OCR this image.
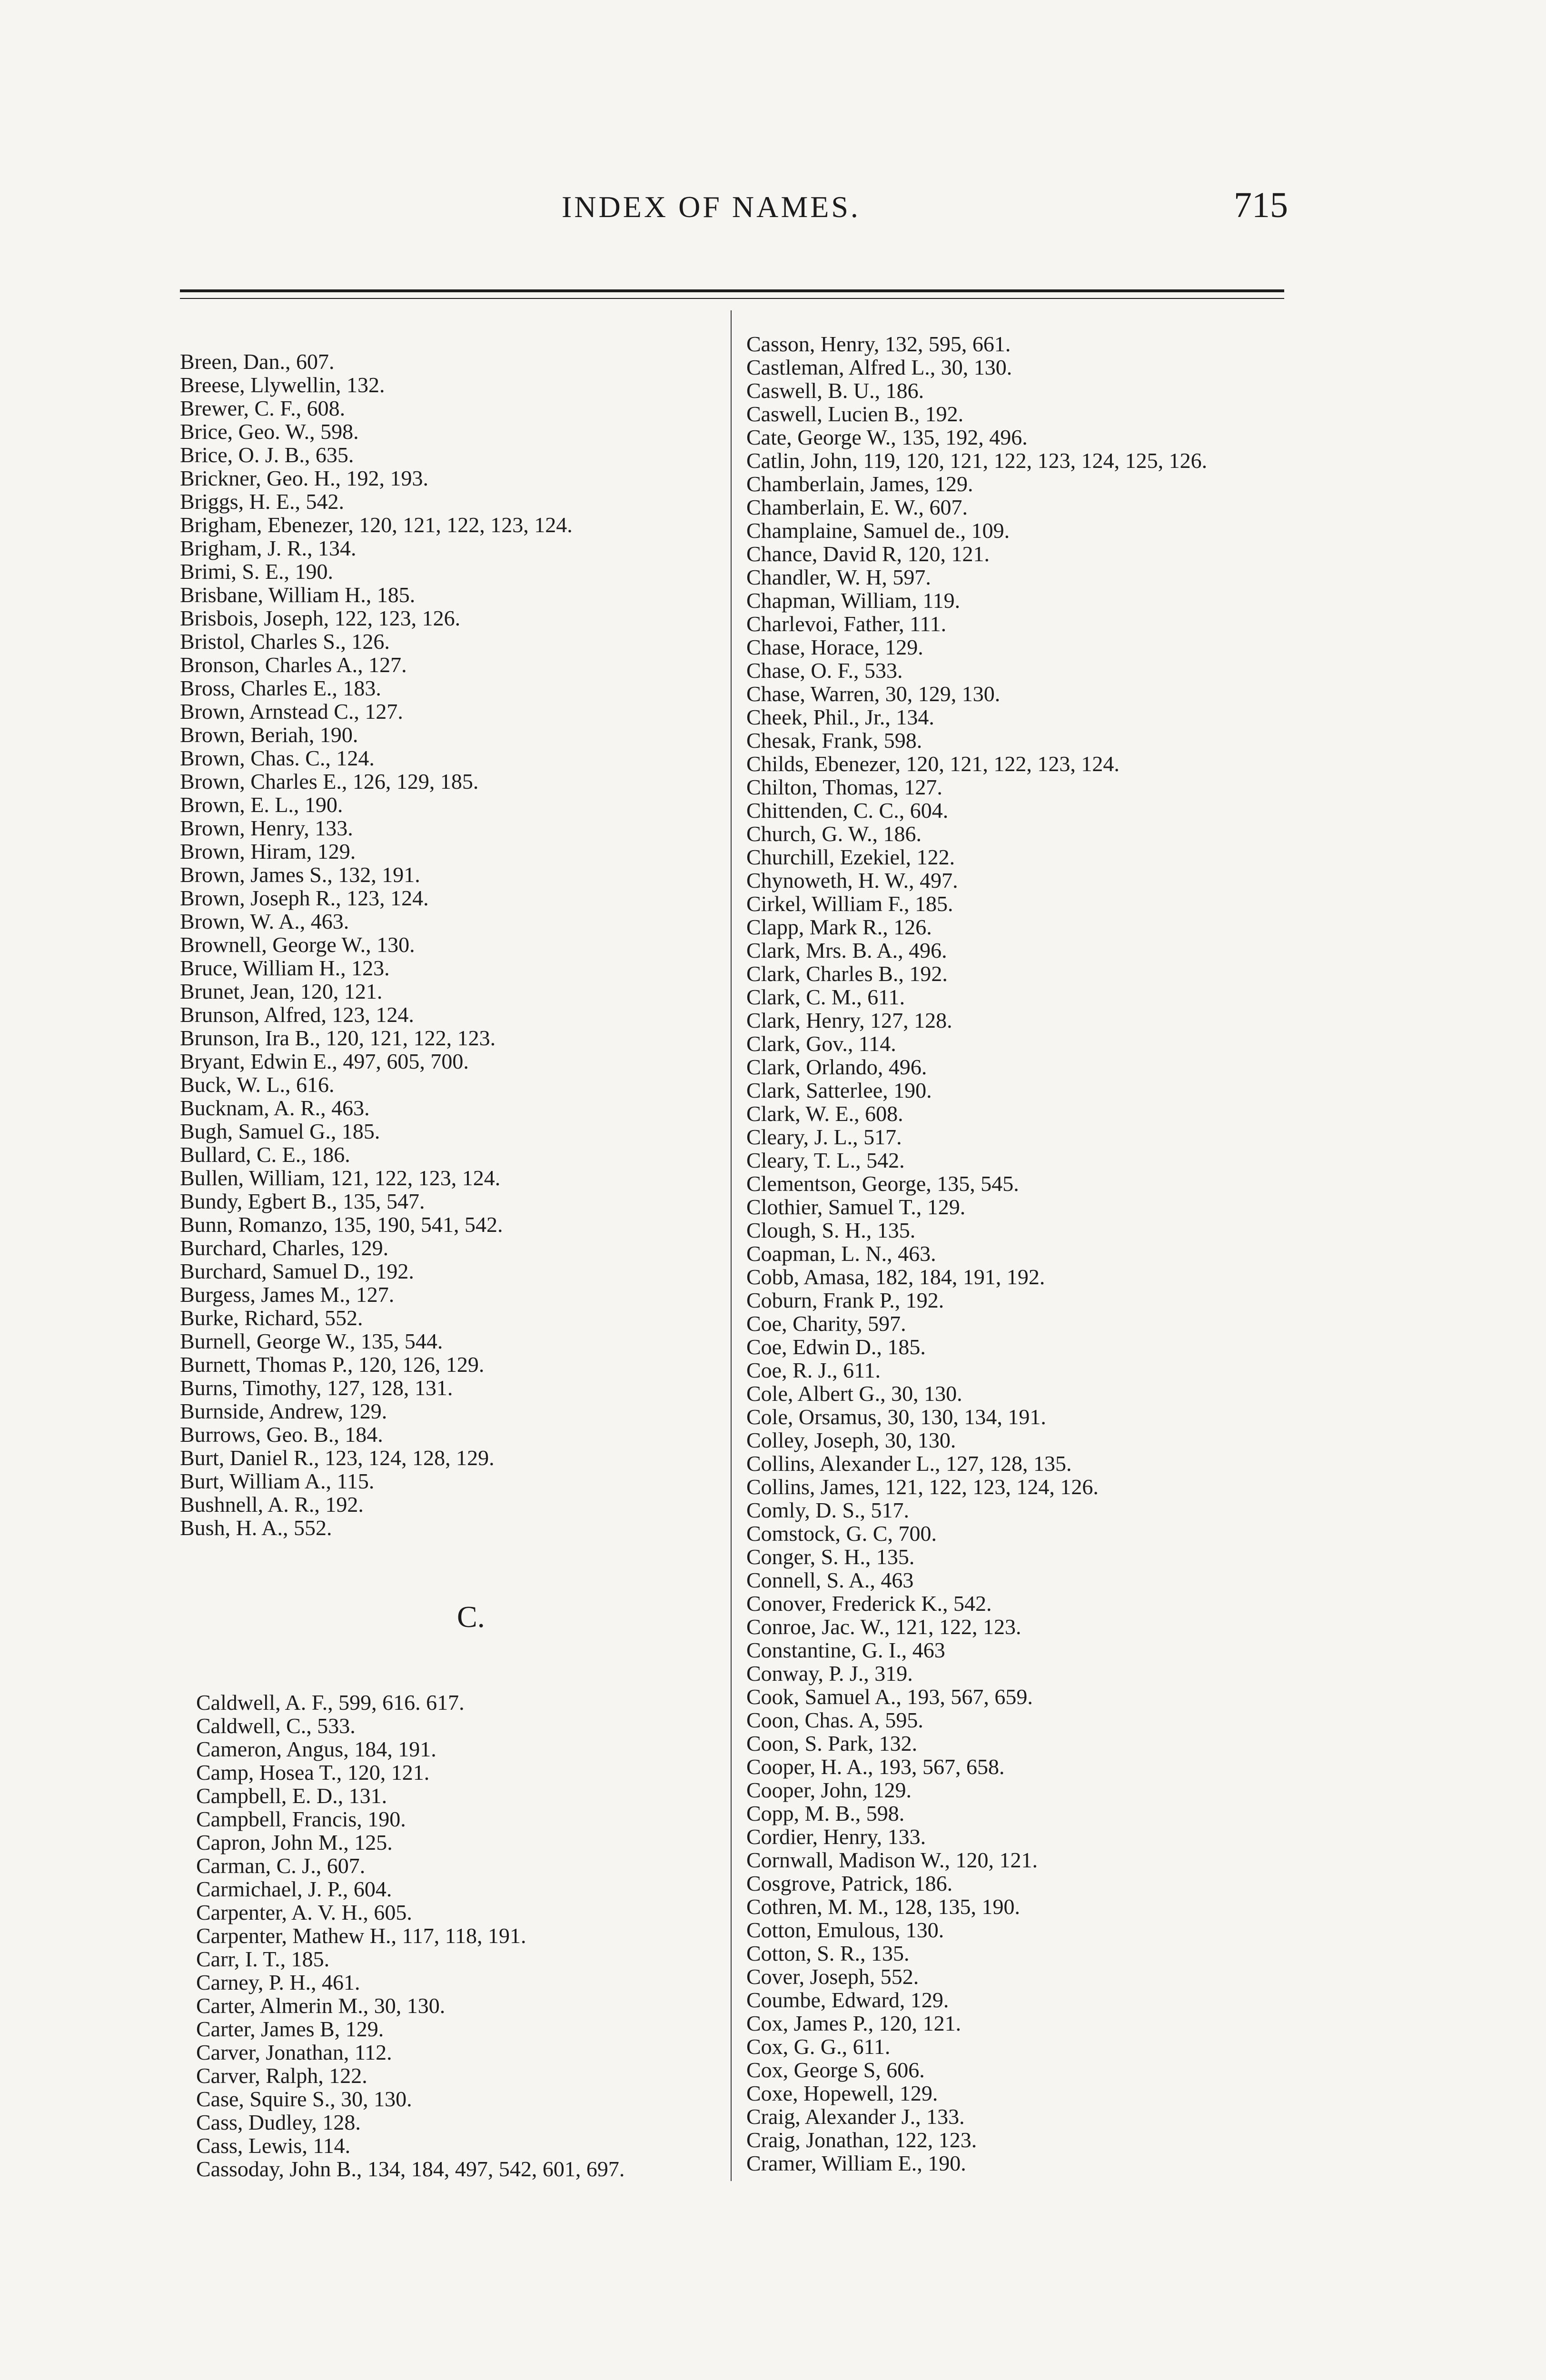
INDEX OF NAMES.	715
Breen, Dan., 607.
Breese, Llywellin, 132.
Brewer, C. F., 608.
Brice, Geo. W., 598.
Brice, O. J. B., 635.
Brickner, Geo. H., 192, 193.
Briggs, H. E., 542.
Brigham, Ebenezer, 120, 121, 122, 123, 124.
Brigham, J. R., 134.
Brimi, S. E., 190.
Brisbane, William H., 185.
Brisbois, Joseph, 122, 123, 126.
Bristol, Charles S., 126.
Bronson, Charles A., 127.
Bross, Charles E., 183.
Brown, Arnstead C., 127.
Brown, Beriah, 190.
Brown, Chas. C., 124.
Brown, Charles E., 126, 129, 185.
Brown, E. L., 190.
Brown, Henry, 133.
Brown, Hiram, 129.
Brown, James S., 132, 191.
Brown, Joseph R., 123, 124.
Brown, W. A., 463.
Brownell, George W., 130.
Bruce, William H., 123.
Brunet, Jean, 120, 121.
Brunson, Alfred, 123, 124.
Brunson, Ira B., 120, 121, 122, 123.
Bryant, Edwin E., 497, 605, 700.
Buck, W. L., 616.
Bucknam, A. R., 463.
Bugh, Samuel G., 185.
Bullard, C. E., 186.
Bullen, William, 121, 122, 123, 124.
Bundy, Egbert B., 135, 547.
Bunn, Romanzo, 135, 190, 541, 542.
Burchard, Charles, 129.
Burchard, Samuel D., 192.
Burgess, James M., 127.
Burke, Richard, 552.
Burnell, George W., 135, 544.
Burnett, Thomas P., 120, 126, 129.
Burns, Timothy, 127, 128, 131.
Burnside, Andrew, 129.
Burrows, Geo. B., 184.
Burt, Daniel R., 123, 124, 128, 129.
Burt, William A., 115.
Bushnell, A. R., 192.
Bush, H. A., 552.
C.
Caldwell, A. F., 599, 616. 617.
Caldwell, C., 533.
Cameron, Angus, 184, 191.
Camp, Hosea T., 120, 121.
Campbell, E. D., 131.
Campbell, Francis, 190.
Capron, John M., 125.
Carman, C. J., 607.
Carmichael, J. P., 604.
Carpenter, A. V. H., 605.
Carpenter, Mathew H., 117, 118, 191.
Carr, I. T., 185.
Carney, P. H., 461.
Carter, Almerin M., 30, 130.
Carter, James B, 129.
Carver, Jonathan, 112.
Carver, Ralph, 122.
Case, Squire S., 30, 130.
Cass, Dudley, 128.
Cass, Lewis, 114.
Cassoday, John B., 134, 184, 497, 542, 601, 697.
Casson, Henry, 132, 595, 661.
Castleman, Alfred L., 30, 130.
Caswell, B. U., 186.
Caswell, Lucien B., 192.
Cate, George W., 135, 192, 496.
Catlin, John, 119, 120, 121, 122, 123, 124, 125, 126.
Chamberlain, James, 129.
Chamberlain, E. W., 607.
Champlaine, Samuel de., 109.
Chance, David R, 120, 121.
Chandler, W. H, 597.
Chapman, William, 119.
Charlevoi, Father, 111.
Chase, Horace, 129.
Chase, O. F., 533.
Chase, Warren, 30, 129, 130.
Cheek, Phil., Jr., 134.
Chesak, Frank, 598.
Childs, Ebenezer, 120, 121, 122, 123, 124.
Chilton, Thomas, 127.
Chittenden, C. C., 604.
Church, G. W., 186.
Churchill, Ezekiel, 122.
Chynoweth, H. W., 497.
Cirkel, William F., 185.
Clapp, Mark R., 126.
Clark, Mrs. B. A., 496.
Clark, Charles B., 192.
Clark, C. M., 611.
Clark, Henry, 127, 128.
Clark, Gov., 114.
Clark, Orlando, 496.
Clark, Satterlee, 190.
Clark, W. E., 608.
Cleary, J. L., 517.
Cleary, T. L., 542.
Clementson, George, 135, 545.
Clothier, Samuel T., 129.
Clough, S. H., 135.
Coapman, L. N., 463.
Cobb, Amasa, 182, 184, 191, 192.
Coburn, Frank P., 192.
Coe, Charity, 597.
Coe, Edwin D., 185.
Coe, R. J., 611.
Cole, Albert G., 30, 130.
Cole, Orsamus, 30, 130, 134, 191.
Colley, Joseph, 30, 130.
Collins, Alexander L., 127, 128, 135.
Collins, James, 121, 122, 123, 124, 126.
Comly, D. S., 517.
Comstock, G. C, 700.
Conger, S. H., 135.
Connell, S. A., 463
Conover, Frederick K., 542.
Conroe, Jac. W., 121, 122, 123.
Constantine, G. I., 463
Conway, P. J., 319.
Cook, Samuel A., 193, 567, 659.
Coon, Chas. A, 595.
Coon, S. Park, 132.
Cooper, H. A., 193, 567, 658.
Cooper, John, 129.
Copp, M. B., 598.
Cordier, Henry, 133.
Cornwall, Madison W., 120, 121.
Cosgrove, Patrick, 186.
Cothren, M. M., 128, 135, 190.
Cotton, Emulous, 130.
Cotton, S. R., 135.
Cover, Joseph, 552.
Coumbe, Edward, 129.
Cox, James P., 120, 121.
Cox, G. G., 611.
Cox, George S, 606.
Coxe, Hopewell, 129.
Craig, Alexander J., 133.
Craig, Jonathan, 122, 123.
Cramer, William E., 190.
